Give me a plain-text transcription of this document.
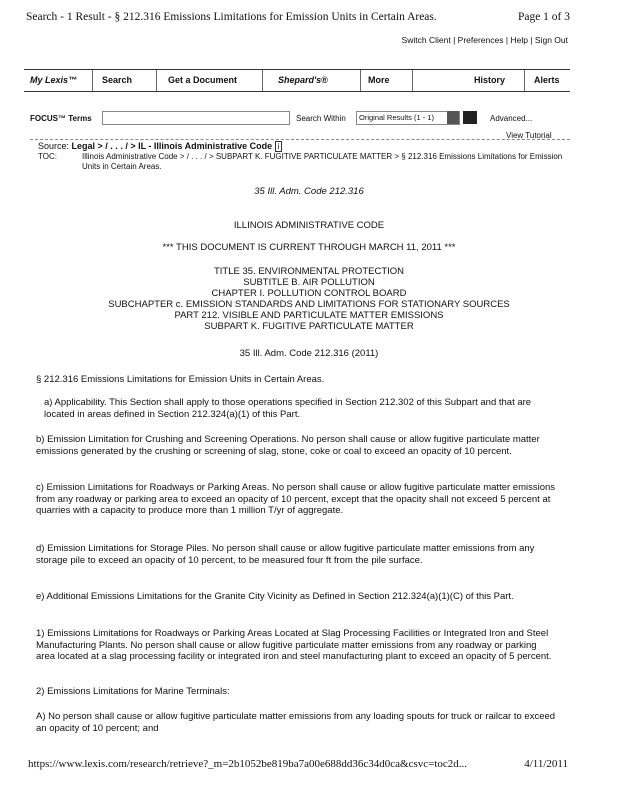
Search - 1 Result - § 212.316 Emissions Limitations for Emission Units in Certain Areas.	Page 1 of 3
Switch Client | Preferences | Help | Sign Out
My Lexis™	Search	Get a Document	Shepard's®	More	History	Alerts
FOCUS™ Terms	Search Within	Original Results (1 - 1)	Advanced...
View Tutorial
Source: Legal > / . . . / > IL - Illinois Administrative Code i
TOC:	Illinois Administrative Code > / . . . / > SUBPART K. FUGITIVE PARTICULATE MATTER > § 212.316 Emissions Limitations for Emission Units in Certain Areas.
35 Ill. Adm. Code 212.316
ILLINOIS ADMINISTRATIVE CODE
*** THIS DOCUMENT IS CURRENT THROUGH MARCH 11, 2011 ***
TITLE 35. ENVIRONMENTAL PROTECTION
SUBTITLE B. AIR POLLUTION
CHAPTER I. POLLUTION CONTROL BOARD
SUBCHAPTER c. EMISSION STANDARDS AND LIMITATIONS FOR STATIONARY SOURCES
PART 212. VISIBLE AND PARTICULATE MATTER EMISSIONS
SUBPART K. FUGITIVE PARTICULATE MATTER
35 Ill. Adm. Code 212.316 (2011)
§ 212.316 Emissions Limitations for Emission Units in Certain Areas.
a) Applicability. This Section shall apply to those operations specified in Section 212.302 of this Subpart and that are located in areas defined in Section 212.324(a)(1) of this Part.
b) Emission Limitation for Crushing and Screening Operations. No person shall cause or allow fugitive particulate matter emissions generated by the crushing or screening of slag, stone, coke or coal to exceed an opacity of 10 percent.
c) Emission Limitations for Roadways or Parking Areas. No person shall cause or allow fugitive particulate matter emissions from any roadway or parking area to exceed an opacity of 10 percent, except that the opacity shall not exceed 5 percent at quarries with a capacity to produce more than 1 million T/yr of aggregate.
d) Emission Limitations for Storage Piles. No person shall cause or allow fugitive particulate matter emissions from any storage pile to exceed an opacity of 10 percent, to be measured four ft from the pile surface.
e) Additional Emissions Limitations for the Granite City Vicinity as Defined in Section 212.324(a)(1)(C) of this Part.
1) Emissions Limitations for Roadways or Parking Areas Located at Slag Processing Facilities or Integrated Iron and Steel Manufacturing Plants. No person shall cause or allow fugitive particulate matter emissions from any roadway or parking area located at a slag processing facility or integrated iron and steel manufacturing plant to exceed an opacity of 5 percent.
2) Emissions Limitations for Marine Terminals:
A) No person shall cause or allow fugitive particulate matter emissions from any loading spouts for truck or railcar to exceed an opacity of 10 percent; and
https://www.lexis.com/research/retrieve?_m=2b1052be819ba7a00e688dd36c34d0ca&csvc=toc2d...	4/11/2011
